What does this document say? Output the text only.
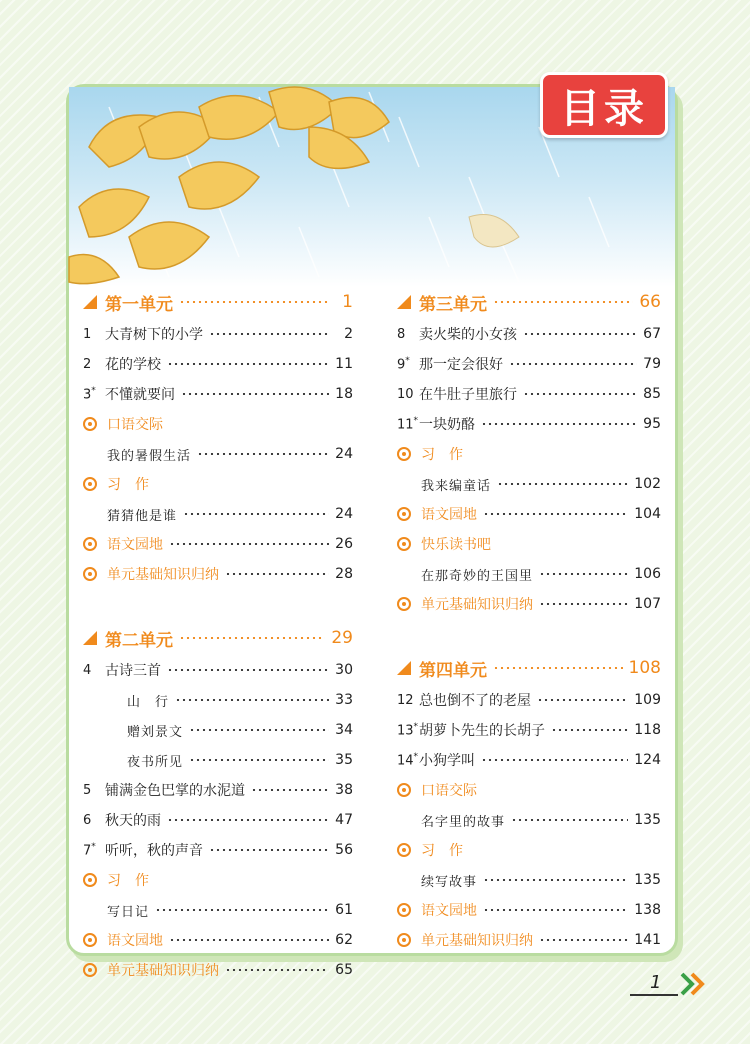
第一单元	1
1 大青树下的小学	2
2 花的学校	11
3* 不懂就要问	18
口语交际
我的暑假生活	24
习作
猜猜他是谁	24
语文园地	26
单元基础知识归纳	28
第二单元	29
4 古诗三首	30
山　行	33
赠刘景文	34
夜书所见	35
5 铺满金色巴掌的水泥道	38
6 秋天的雨	47
7* 听听，秋的声音	56
习作
写日记	61
语文园地	62
单元基础知识归纳	65
第三单元	66
8 卖火柴的小女孩	67
9* 那一定会很好	79
10 在牛肚子里旅行	85
11* 一块奶酪	95
习作
我来编童话	102
语文园地	104
快乐读书吧
在那奇妙的王国里	106
单元基础知识归纳	107
第四单元	108
12 总也倒不了的老屋	109
13* 胡萝卜先生的长胡子	118
14* 小狗学叫	124
口语交际
名字里的故事	135
习作
续写故事	135
语文园地	138
单元基础知识归纳	141
目录
1
